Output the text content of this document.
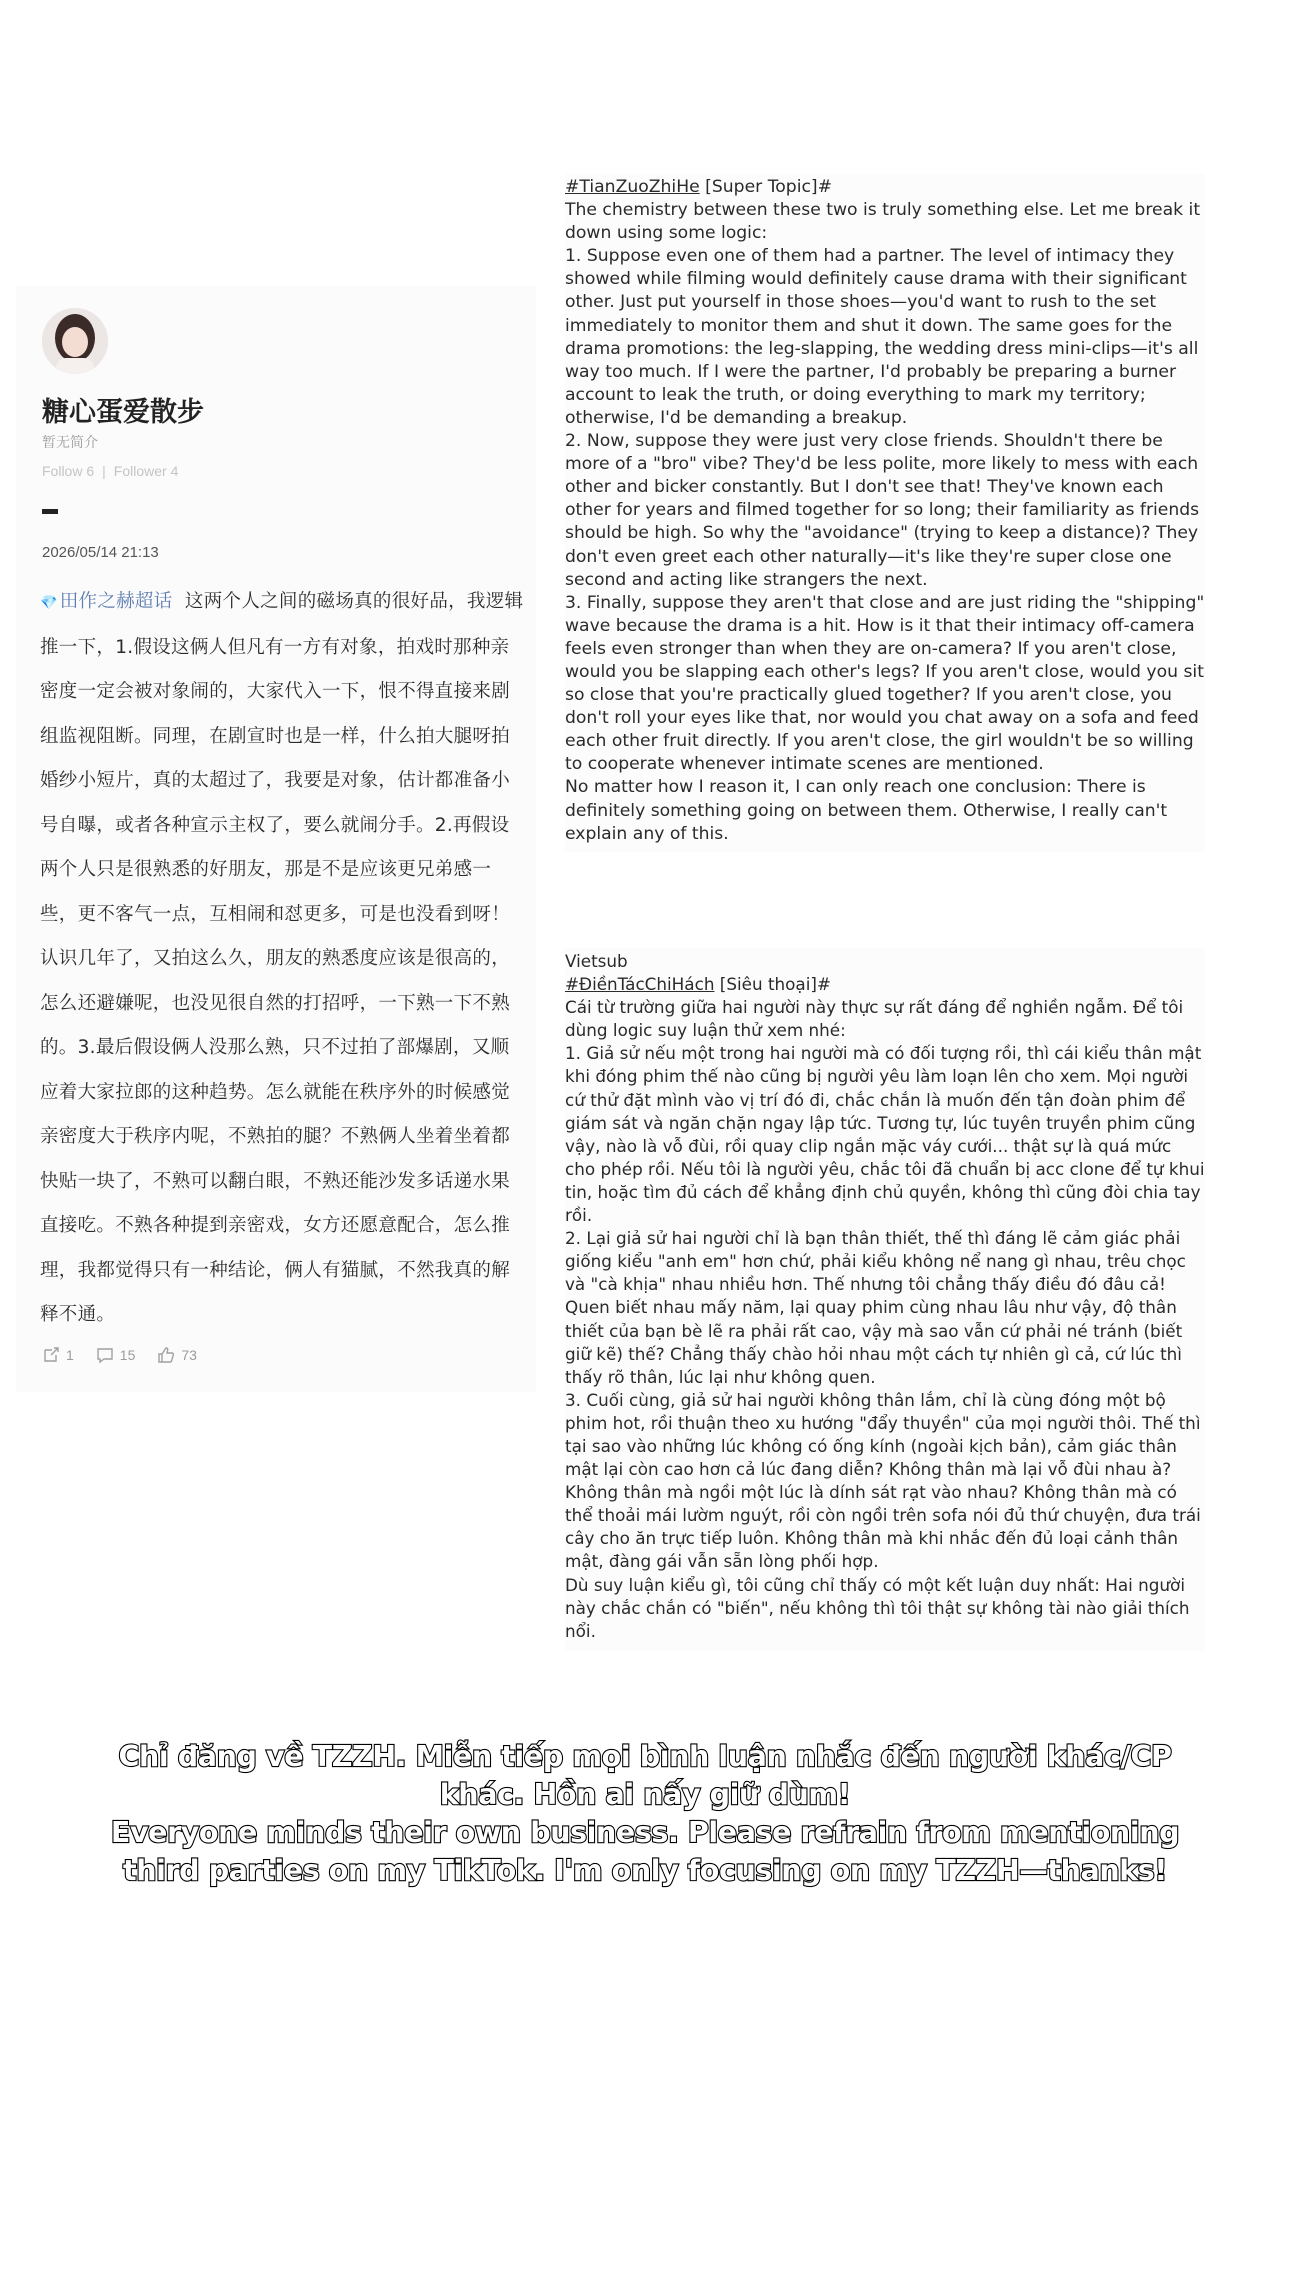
糖心蛋爱散步
暂无简介
Follow 6 | Follower 4
2026/05/14 21:13
💎 田作之赫超话 这两个人之间的磁场真的很好品，我逻辑推一下，1.假设这俩人但凡有一方有对象，拍戏时那种亲密度一定会被对象闹的，大家代入一下，恨不得直接来剧组监视阻断。同理，在剧宣时也是一样，什么拍大腿呀拍婚纱小短片，真的太超过了，我要是对象，估计都准备小号自曝，或者各种宣示主权了，要么就闹分手。2.再假设两个人只是很熟悉的好朋友，那是不是应该更兄弟感一些，更不客气一点，互相闹和怼更多，可是也没看到呀！认识几年了，又拍这么久，朋友的熟悉度应该是很高的，怎么还避嫌呢，也没见很自然的打招呼，一下熟一下不熟的。3.最后假设俩人没那么熟，只不过拍了部爆剧，又顺应着大家拉郎的这种趋势。怎么就能在秩序外的时候感觉亲密度大于秩序内呢，不熟拍的腿？不熟俩人坐着坐着都快贴一块了，不熟可以翻白眼，不熟还能沙发多话递水果直接吃。不熟各种提到亲密戏，女方还愿意配合，怎么推理，我都觉得只有一种结论，俩人有猫腻，不然我真的解释不通。
1	15	73
#TianZuoZhiHe [Super Topic]#
The chemistry between these two is truly something else. Let me break it down using some logic:
1. Suppose even one of them had a partner. The level of intimacy they showed while filming would definitely cause drama with their significant other. Just put yourself in those shoes—you'd want to rush to the set immediately to monitor them and shut it down. The same goes for the drama promotions: the leg-slapping, the wedding dress mini-clips—it's all way too much. If I were the partner, I'd probably be preparing a burner account to leak the truth, or doing everything to mark my territory; otherwise, I'd be demanding a breakup.
2. Now, suppose they were just very close friends. Shouldn't there be more of a "bro" vibe? They'd be less polite, more likely to mess with each other and bicker constantly. But I don't see that! They've known each other for years and filmed together for so long; their familiarity as friends should be high. So why the "avoidance" (trying to keep a distance)? They don't even greet each other naturally—it's like they're super close one second and acting like strangers the next.
3. Finally, suppose they aren't that close and are just riding the "shipping" wave because the drama is a hit. How is it that their intimacy off-camera feels even stronger than when they are on-camera? If you aren't close, would you be slapping each other's legs? If you aren't close, would you sit so close that you're practically glued together? If you aren't close, you don't roll your eyes like that, nor would you chat away on a sofa and feed each other fruit directly. If you aren't close, the girl wouldn't be so willing to cooperate whenever intimate scenes are mentioned.
No matter how I reason it, I can only reach one conclusion: There is definitely something going on between them. Otherwise, I really can't explain any of this.
Vietsub
#ĐiềnTácChiHách [Siêu thoại]#
Cái từ trường giữa hai người này thực sự rất đáng để nghiền ngẫm. Để tôi dùng logic suy luận thử xem nhé:
1. Giả sử nếu một trong hai người mà có đối tượng rồi, thì cái kiểu thân mật khi đóng phim thế nào cũng bị người yêu làm loạn lên cho xem. Mọi người cứ thử đặt mình vào vị trí đó đi, chắc chắn là muốn đến tận đoàn phim để giám sát và ngăn chặn ngay lập tức. Tương tự, lúc tuyên truyền phim cũng vậy, nào là vỗ đùi, rồi quay clip ngắn mặc váy cưới... thật sự là quá mức cho phép rồi. Nếu tôi là người yêu, chắc tôi đã chuẩn bị acc clone để tự khui tin, hoặc tìm đủ cách để khẳng định chủ quyền, không thì cũng đòi chia tay rồi.
2. Lại giả sử hai người chỉ là bạn thân thiết, thế thì đáng lẽ cảm giác phải giống kiểu "anh em" hơn chứ, phải kiểu không nể nang gì nhau, trêu chọc và "cà khịa" nhau nhiều hơn. Thế nhưng tôi chẳng thấy điều đó đâu cả! Quen biết nhau mấy năm, lại quay phim cùng nhau lâu như vậy, độ thân thiết của bạn bè lẽ ra phải rất cao, vậy mà sao vẫn cứ phải né tránh (biết giữ kẽ) thế? Chẳng thấy chào hỏi nhau một cách tự nhiên gì cả, cứ lúc thì thấy rõ thân, lúc lại như không quen.
3. Cuối cùng, giả sử hai người không thân lắm, chỉ là cùng đóng một bộ phim hot, rồi thuận theo xu hướng "đẩy thuyền" của mọi người thôi. Thế thì tại sao vào những lúc không có ống kính (ngoài kịch bản), cảm giác thân mật lại còn cao hơn cả lúc đang diễn? Không thân mà lại vỗ đùi nhau à? Không thân mà ngồi một lúc là dính sát rạt vào nhau? Không thân mà có thể thoải mái lườm nguýt, rồi còn ngồi trên sofa nói đủ thứ chuyện, đưa trái cây cho ăn trực tiếp luôn. Không thân mà khi nhắc đến đủ loại cảnh thân mật, đàng gái vẫn sẵn lòng phối hợp.
Dù suy luận kiểu gì, tôi cũng chỉ thấy có một kết luận duy nhất: Hai người này chắc chắn có "biến", nếu không thì tôi thật sự không tài nào giải thích nổi.
Chỉ đăng về TZZH. Miễn tiếp mọi bình luận nhắc đến người khác/CP khác. Hồn ai nấy giữ dùm!
Everyone minds their own business. Please refrain from mentioning third parties on my TikTok. I'm only focusing on my TZZH—thanks!
